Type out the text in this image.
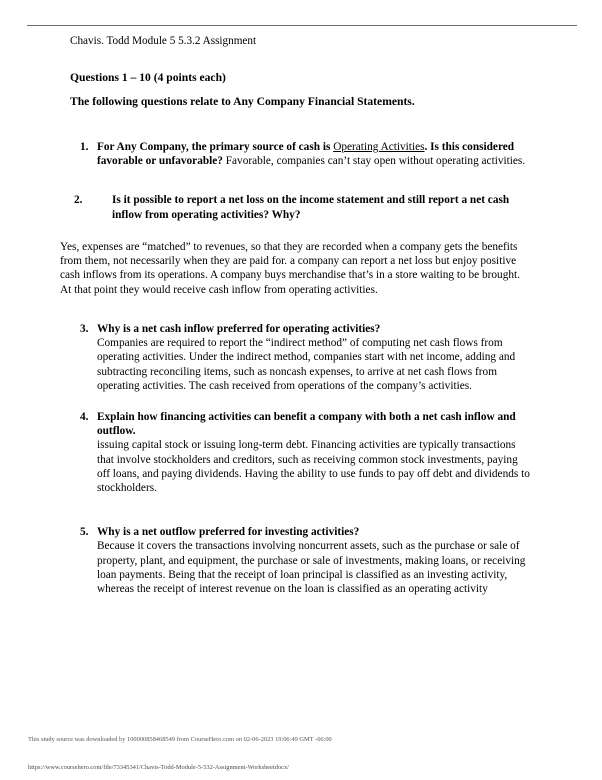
Chavis. Todd Module 5 5.3.2 Assignment
Questions 1 – 10 (4 points each)
The following questions relate to Any Company Financial Statements.
1. For Any Company, the primary source of cash is Operating Activities. Is this considered favorable or unfavorable? Favorable, companies can’t stay open without operating activities.
2.	Is it possible to report a net loss on the income statement and still report a net cash inflow from operating activities? Why?
Yes, expenses are “matched” to revenues, so that they are recorded when a company gets the benefits from them, not necessarily when they are paid for. a company can report a net loss but enjoy positive cash inflows from its operations. A company buys merchandise that’s in a store waiting to be brought. At that point they would receive cash inflow from operating activities.
3. Why is a net cash inflow preferred for operating activities?
Companies are required to report the “indirect method” of computing net cash flows from operating activities. Under the indirect method, companies start with net income, adding and subtracting reconciling items, such as noncash expenses, to arrive at net cash flows from operating activities. The cash received from operations of the company’s activities.
4. Explain how financing activities can benefit a company with both a net cash inflow and outflow.
issuing capital stock or issuing long-term debt. Financing activities are typically transactions that involve stockholders and creditors, such as receiving common stock investments, paying off loans, and paying dividends. Having the ability to use funds to pay off debt and dividends to stockholders.
5. Why is a net outflow preferred for investing activities?
Because it covers the transactions involving noncurrent assets, such as the purchase or sale of property, plant, and equipment, the purchase or sale of investments, making loans, or receiving loan payments. Being that the receipt of loan principal is classified as an investing activity, whereas the receipt of interest revenue on the loan is classified as an operating activity
This study source was downloaded by 100000858468549 from CourseHero.com on 02-06-2023 19:06:49 GMT -06:00
https://www.coursehero.com/file/73345341/Chavis-Todd-Module-5-532-Assignment-Worksheetdocx/
